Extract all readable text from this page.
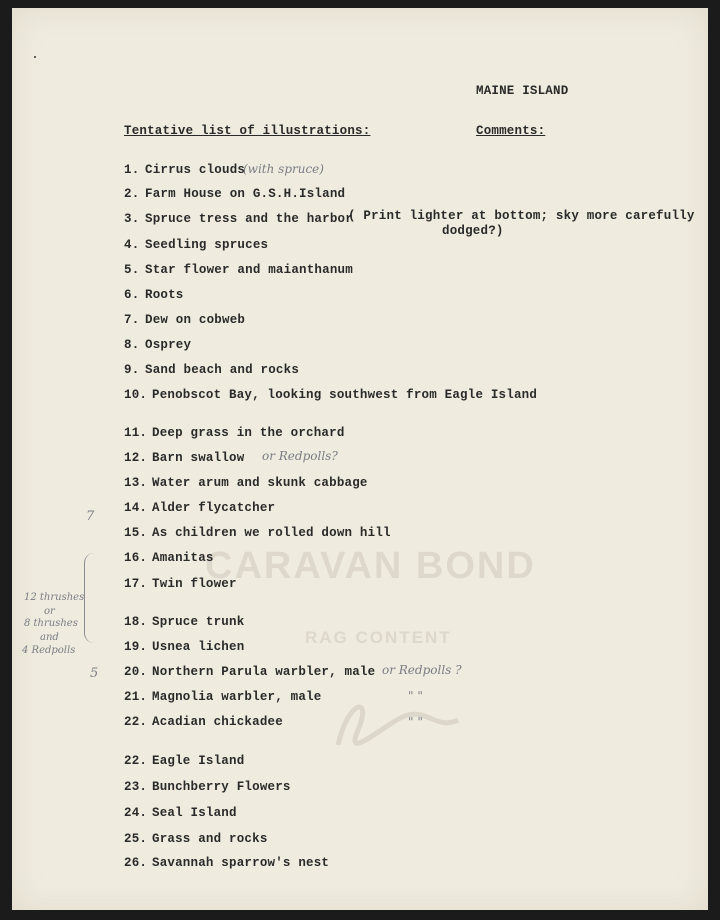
CARAVAN BOND
RAG CONTENT
MAINE ISLAND
Tentative list of illustrations:	Comments:
1. Cirrus clouds
2. Farm House on G.S.H.Island
3. Spruce tress and the harbor
4. Seedling spruces
5. Star flower and maianthanum
6. Roots
7. Dew on cobweb
8. Osprey
9. Sand beach and rocks
10. Penobscot Bay, looking southwest from Eagle Island
11. Deep grass in the orchard
12. Barn swallow
13. Water arum and skunk cabbage
14. Alder flycatcher
15. As children we rolled down hill
16. Amanitas
17. Twin flower
18. Spruce trunk
19. Usnea lichen
20. Northern Parula warbler, male
21. Magnolia warbler, male
22. Acadian chickadee
22. Eagle Island
23. Bunchberry Flowers
24. Seal Island
25. Grass and rocks
26. Savannah sparrow's nest
( Print lighter at bottom; sky more carefully
dodged?)
(with spruce)
or Redpolls?
or Redpolls ?
" "
" "
7
5
12 thrushes
or
8 thrushes
and
4 Redpolls
